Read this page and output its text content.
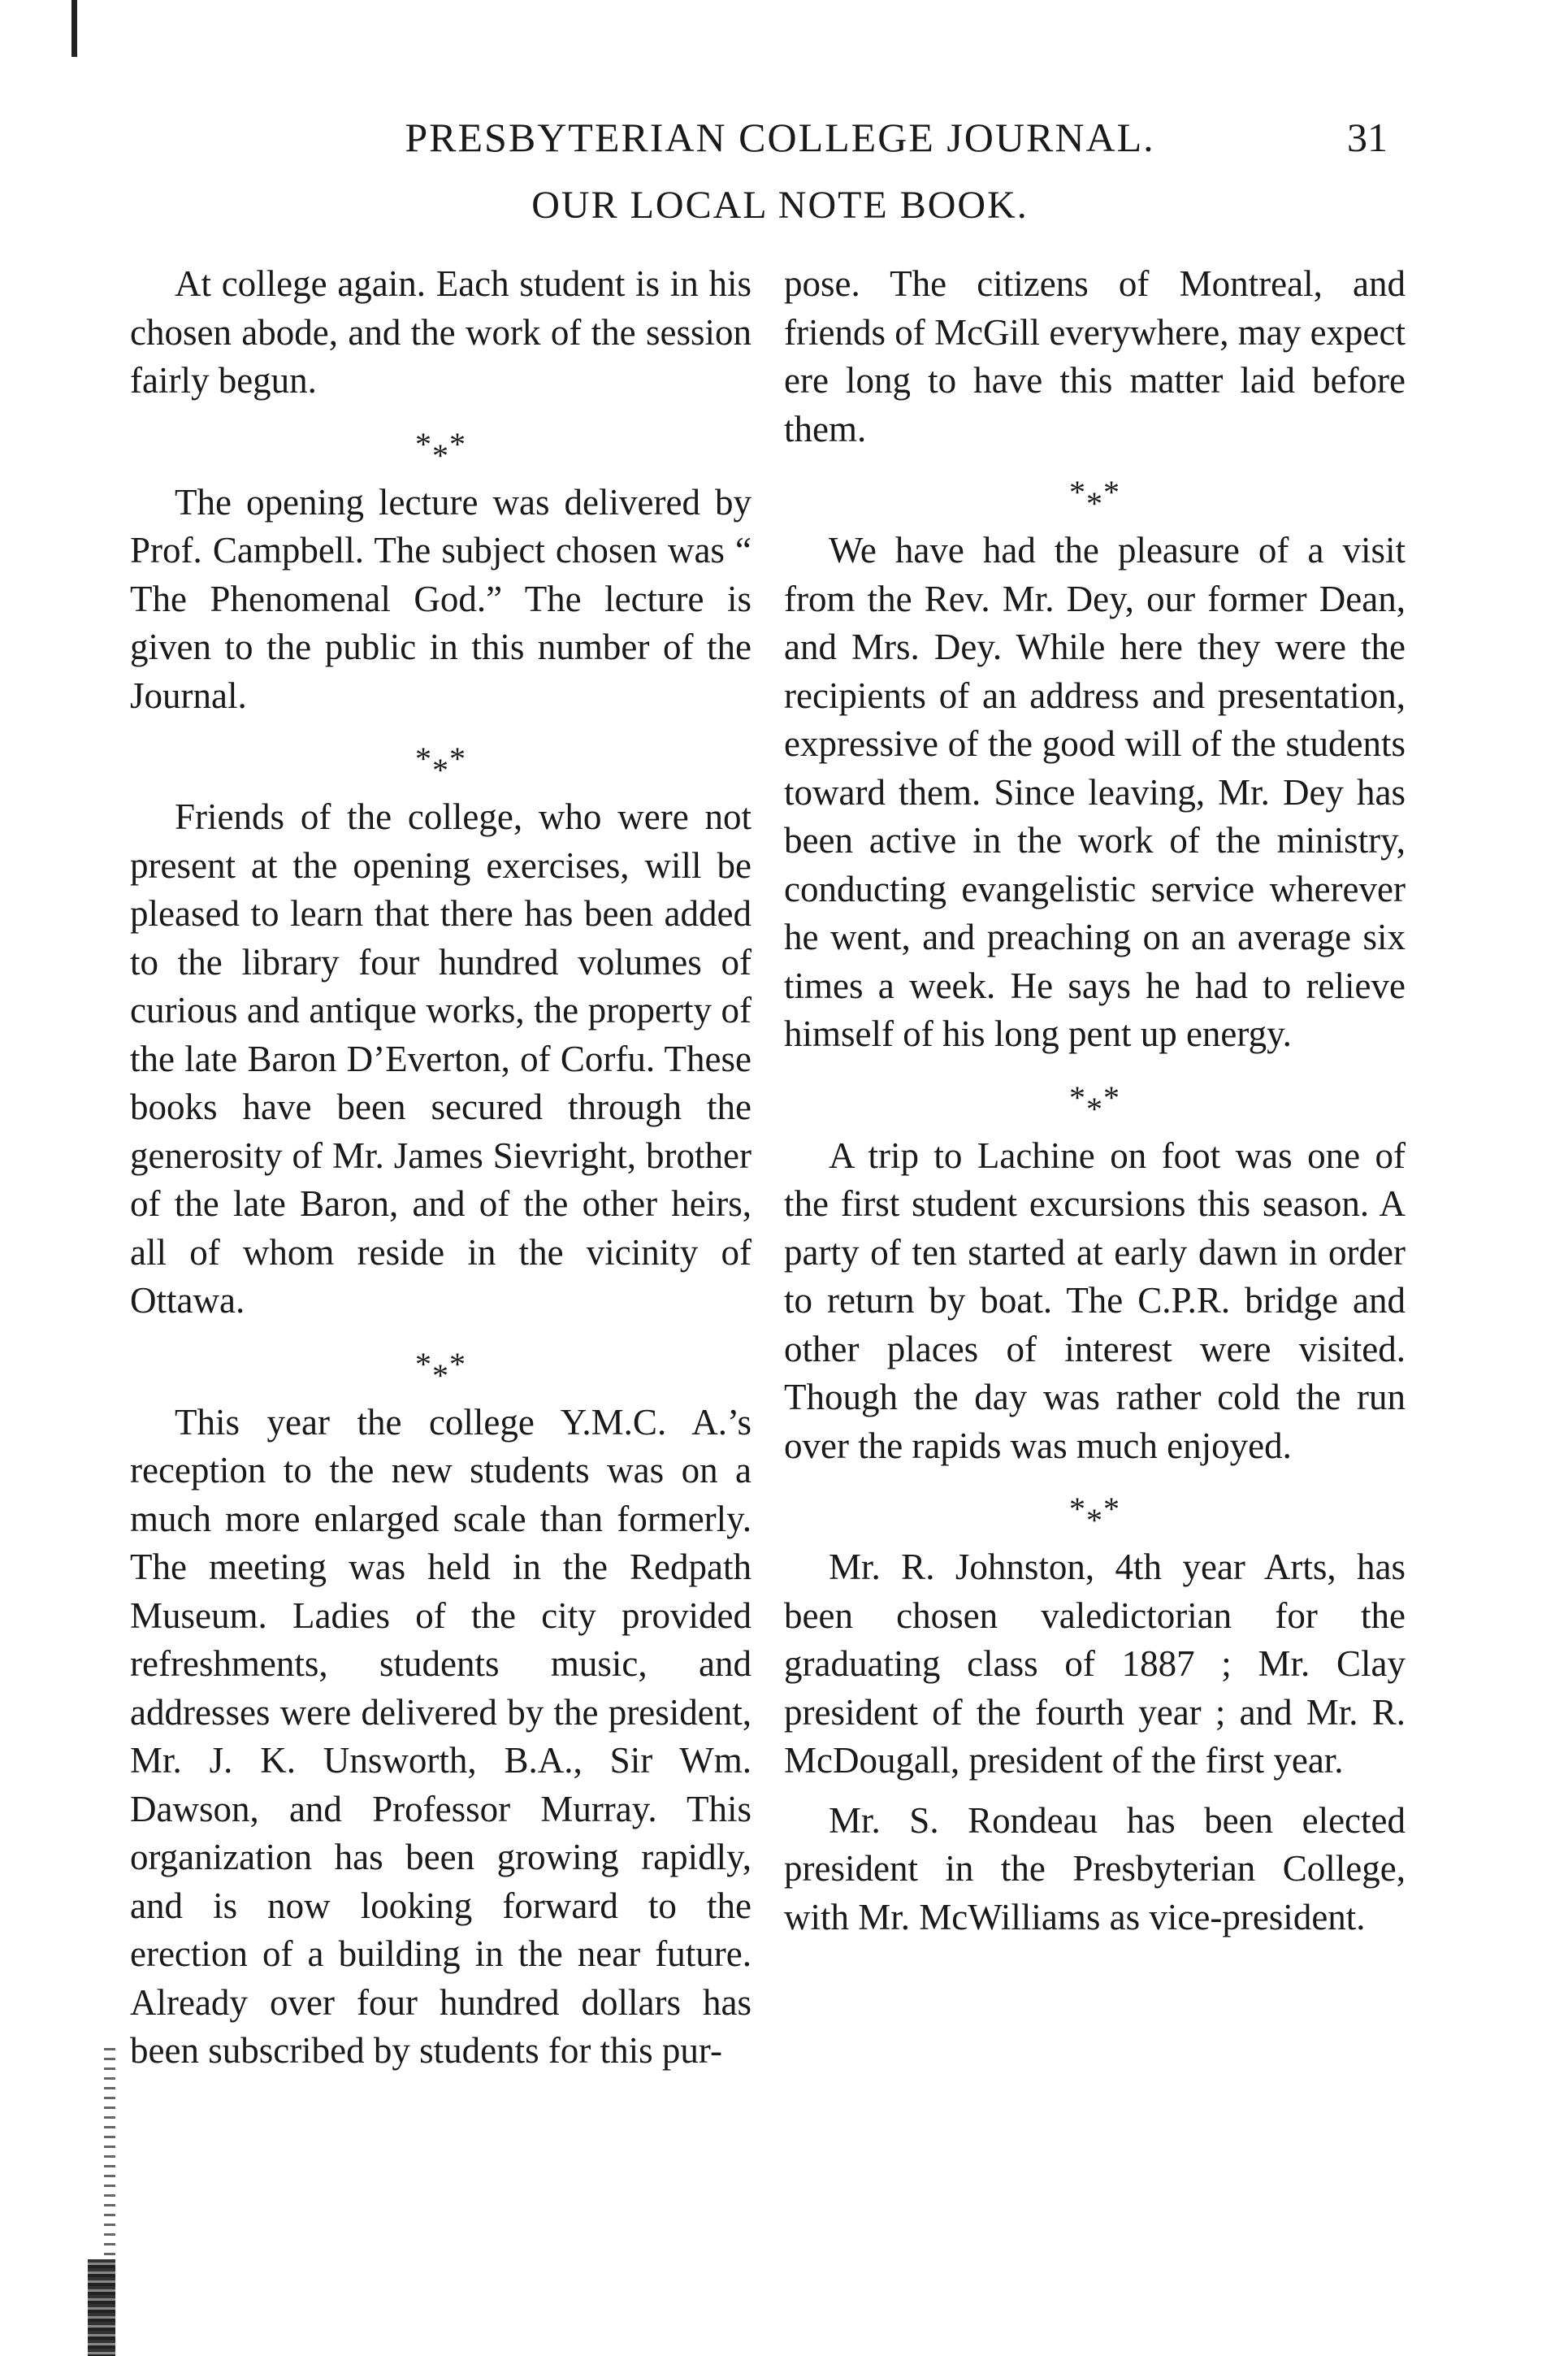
PRESBYTERIAN COLLEGE JOURNAL.	31
OUR LOCAL NOTE BOOK.

At college again. Each student is in his chosen abode, and the work of the session fairly begun.

***

The opening lecture was delivered by Prof. Campbell. The subject chosen was “ The Phenomenal God.” The lecture is given to the public in this number of the Journal.

***

Friends of the college, who were not present at the opening exercises, will be pleased to learn that there has been added to the library four hundred volumes of curious and antique works, the property of the late Baron D’Everton, of Corfu. These books have been secured through the generosity of Mr. James Sievright, brother of the late Baron, and of the other heirs, all of whom reside in the vicinity of Ottawa.

***

This year the college Y.M.C. A.’s reception to the new students was on a much more enlarged scale than formerly. The meeting was held in the Redpath Museum. Ladies of the city provided refreshments, students music, and addresses were delivered by the president, Mr. J. K. Unsworth, B.A., Sir Wm. Dawson, and Professor Murray. This organization has been growing rapidly, and is now looking forward to the erection of a building in the near future. Already over four hundred dollars has been subscribed by students for this pur-

pose. The citizens of Montreal, and friends of McGill everywhere, may expect ere long to have this matter laid before them.

***

We have had the pleasure of a visit from the Rev. Mr. Dey, our former Dean, and Mrs. Dey. While here they were the recipients of an address and presentation, expressive of the good will of the students toward them. Since leaving, Mr. Dey has been active in the work of the ministry, conducting evangelistic service wherever he went, and preaching on an average six times a week. He says he had to relieve himself of his long pent up energy.

***

A trip to Lachine on foot was one of the first student excursions this season. A party of ten started at early dawn in order to return by boat. The C.P.R. bridge and other places of interest were visited. Though the day was rather cold the run over the rapids was much enjoyed.

***

Mr. R. Johnston, 4th year Arts, has been chosen valedictorian for the graduating class of 1887 ; Mr. Clay president of the fourth year ; and Mr. R. McDougall, president of the first year.

Mr. S. Rondeau has been elected president in the Presbyterian College, with Mr. McWilliams as vice-president.
